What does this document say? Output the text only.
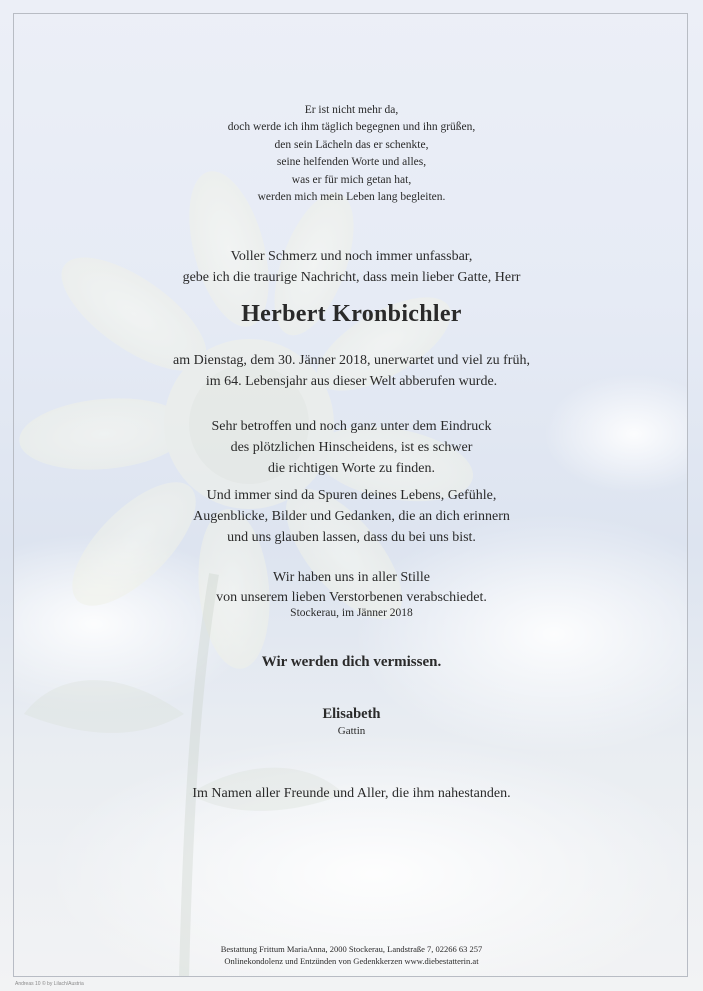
Er ist nicht mehr da,
doch werde ich ihm täglich begegnen und ihn grüßen,
den sein Lächeln das er schenkte,
seine helfenden Worte und alles,
was er für mich getan hat,
werden mich mein Leben lang begleiten.
Voller Schmerz und noch immer unfassbar,
gebe ich die traurige Nachricht, dass mein lieber Gatte, Herr
Herbert Kronbichler
am Dienstag, dem 30. Jänner 2018, unerwartet und viel zu früh,
im 64. Lebensjahr aus dieser Welt abberufen wurde.
Sehr betroffen und noch ganz unter dem Eindruck
des plötzlichen Hinscheidens, ist es schwer
die richtigen Worte zu finden.
Und immer sind da Spuren deines Lebens, Gefühle,
Augenblicke, Bilder und Gedanken, die an dich erinnern
und uns glauben lassen, dass du bei uns bist.
Wir haben uns in aller Stille
von unserem lieben Verstorbenen verabschiedet.
Stockerau, im Jänner 2018
Wir werden dich vermissen.
Elisabeth
Gattin
Im Namen aller Freunde und Aller, die ihm nahestanden.
Bestattung Frittum MariaAnna, 2000 Stockerau, Landstraße 7, 02266 63 257
Onlinekondolenz und Entzünden von Gedenkkerzen www.diebestatterin.at
Andreas 10 © by Lilach/Austria
